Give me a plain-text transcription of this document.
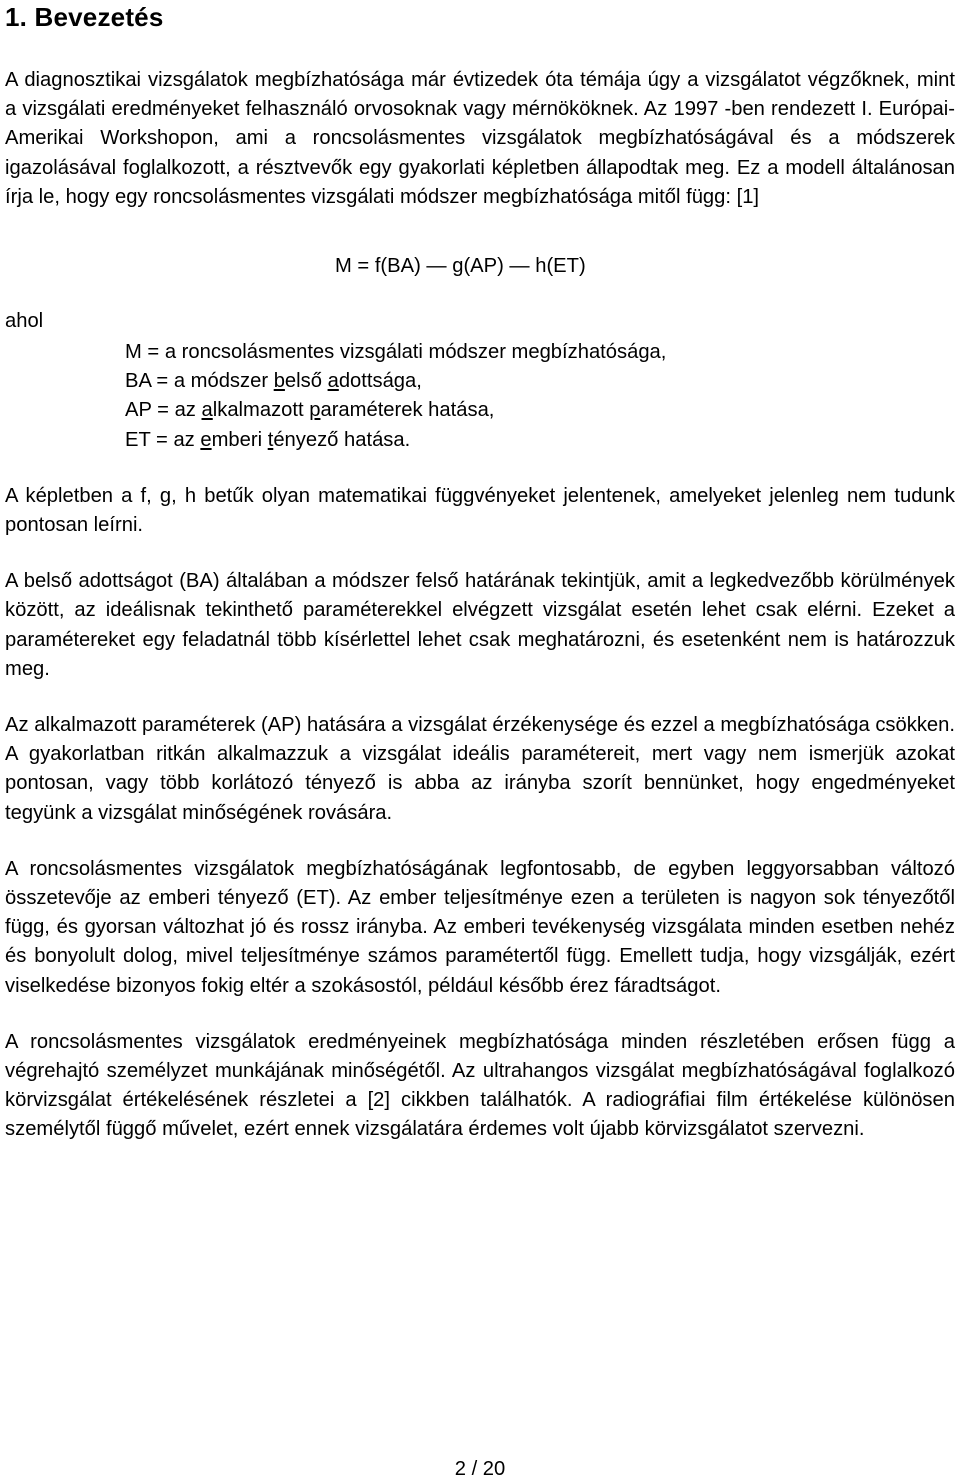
1. Bevezetés

A diagnosztikai vizsgálatok megbízhatósága már évtizedek óta témája úgy a vizsgálatot végzőknek, mint a vizsgálati eredményeket felhasználó orvosoknak vagy mérnököknek. Az 1997 -ben rendezett I. Európai-Amerikai Workshopon, ami a roncsolásmentes vizsgálatok megbízhatóságával és a módszerek igazolásával foglalkozott, a résztvevők egy gyakorlati képletben állapodtak meg. Ez a modell általánosan írja le, hogy egy roncsolásmentes vizsgálati módszer megbízhatósága mitől függ: [1]

M = f(BA) — g(AP) — h(ET)
ahol
M = a roncsolásmentes vizsgálati módszer megbízhatósága,
BA = a módszer belső adottsága,
AP = az alkalmazott paraméterek hatása,
ET = az emberi tényező hatása.

A képletben a f, g, h betűk olyan matematikai függvényeket jelentenek, amelyeket jelenleg nem tudunk pontosan leírni.

A belső adottságot (BA) általában a módszer felső határának tekintjük, amit a legkedvezőbb körülmények között, az ideálisnak tekinthető paraméterekkel elvégzett vizsgálat esetén lehet csak elérni. Ezeket a paramétereket egy feladatnál több kísérlettel lehet csak meghatározni, és esetenként nem is határozzuk meg.

Az alkalmazott paraméterek (AP) hatására a vizsgálat érzékenysége és ezzel a megbízhatósága csökken. A gyakorlatban ritkán alkalmazzuk a vizsgálat ideális paramétereit, mert vagy nem ismerjük azokat pontosan, vagy több korlátozó tényező is abba az irányba szorít bennünket, hogy engedményeket tegyünk a vizsgálat minőségének rovására.

A roncsolásmentes vizsgálatok megbízhatóságának legfontosabb, de egyben leggyorsabban változó összetevője az emberi tényező (ET). Az ember teljesítménye ezen a területen is nagyon sok tényezőtől függ, és gyorsan változhat jó és rossz irányba. Az emberi tevékenység vizsgálata minden esetben nehéz és bonyolult dolog, mivel teljesítménye számos paramétertől függ. Emellett tudja, hogy vizsgálják, ezért viselkedése bizonyos fokig eltér a szokásostól, például később érez fáradtságot.

A roncsolásmentes vizsgálatok eredményeinek megbízhatósága minden részletében erősen függ a végrehajtó személyzet munkájának minőségétől. Az ultrahangos vizsgálat megbízhatóságával foglalkozó körvizsgálat értékelésének részletei a [2] cikkben találhatók. A radiográfiai film értékelése különösen személytől függő művelet, ezért ennek vizsgálatára érdemes volt újabb körvizsgálatot szervezni.

2 / 20
